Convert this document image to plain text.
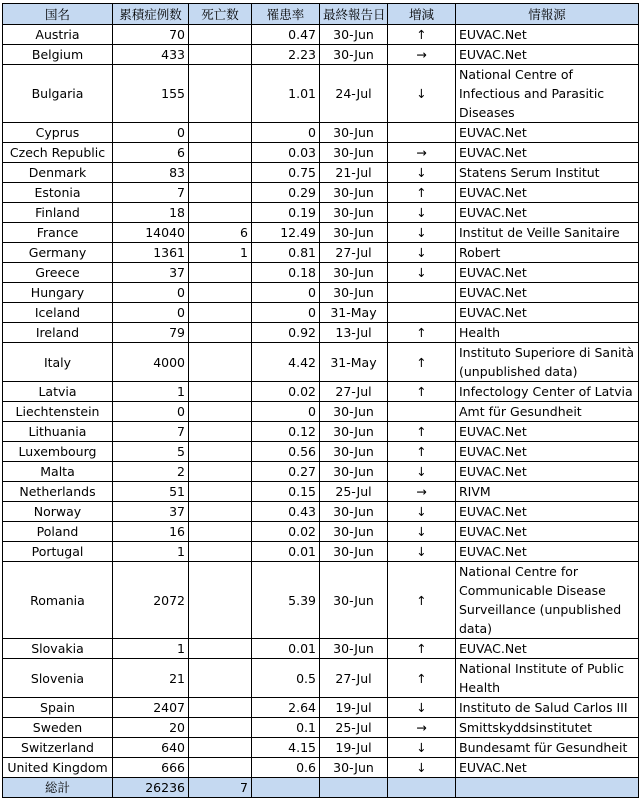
国名	累積症例数	死亡数	罹患率	最終報告日	増減	情報源
Austria	70		0.47	30-Jun	↑	EUVAC.Net
Belgium	433		2.23	30-Jun	→	EUVAC.Net
Bulgaria	155		1.01	24-Jul	↓	National Centre of Infectious and Parasitic Diseases
Cyprus	0		0	30-Jun		EUVAC.Net
Czech Republic	6		0.03	30-Jun	→	EUVAC.Net
Denmark	83		0.75	21-Jul	↓	Statens Serum Institut
Estonia	7		0.29	30-Jun	↑	EUVAC.Net
Finland	18		0.19	30-Jun	↓	EUVAC.Net
France	14040	6	12.49	30-Jun	↓	Institut de Veille Sanitaire
Germany	1361	1	0.81	27-Jul	↓	Robert
Greece	37		0.18	30-Jun	↓	EUVAC.Net
Hungary	0		0	30-Jun		EUVAC.Net
Iceland	0		0	31-May		EUVAC.Net
Ireland	79		0.92	13-Jul	↑	Health
Italy	4000		4.42	31-May	↑	Instituto Superiore di Sanità (unpublished data)
Latvia	1		0.02	27-Jul	↑	Infectology Center of Latvia
Liechtenstein	0		0	30-Jun		Amt für Gesundheit
Lithuania	7		0.12	30-Jun	↑	EUVAC.Net
Luxembourg	5		0.56	30-Jun	↑	EUVAC.Net
Malta	2		0.27	30-Jun	↓	EUVAC.Net
Netherlands	51		0.15	25-Jul	→	RIVM
Norway	37		0.43	30-Jun	↓	EUVAC.Net
Poland	16		0.02	30-Jun	↓	EUVAC.Net
Portugal	1		0.01	30-Jun	↓	EUVAC.Net
Romania	2072		5.39	30-Jun	↑	National Centre for Communicable Disease Surveillance (unpublished data)
Slovakia	1		0.01	30-Jun	↑	EUVAC.Net
Slovenia	21		0.5	27-Jul	↑	National Institute of Public Health
Spain	2407		2.64	19-Jul	↓	Instituto de Salud Carlos III
Sweden	20		0.1	25-Jul	→	Smittskyddsinstitutet
Switzerland	640		4.15	19-Jul	↓	Bundesamt für Gesundheit
United Kingdom	666		0.6	30-Jun	↓	EUVAC.Net
総計	26236	7				
